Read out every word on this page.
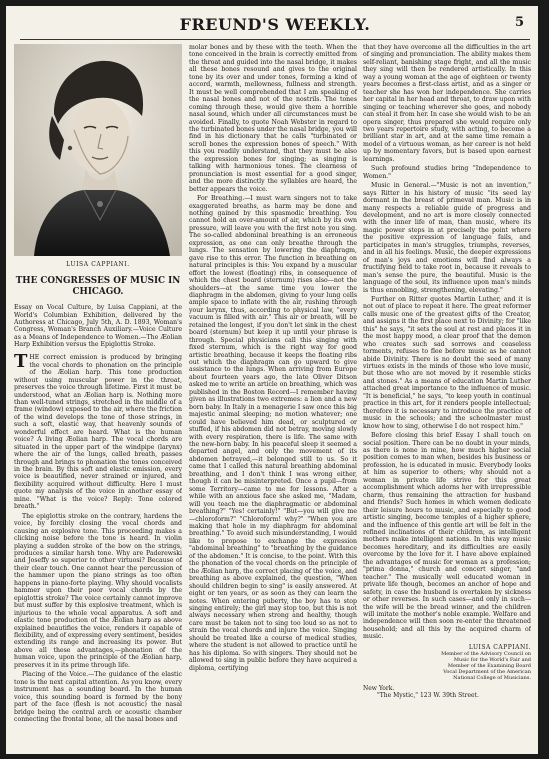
FREUND'S WEEKLY.	5
LUISA CAPPIANI.
THE CONGRESSES OF MUSIC IN CHICAGO.
Essay on Vocal Culture, by Luisa Cappiani, at the World's Columbian Exhibition, delivered by the Authoress at Chicago, July 5th, A. D. 1893, Woman's Congress, Woman's Branch Auxiliary.—Voice Culture as a Means of Independence to Women.—The Æolian Harp Exhibition versus the Epiglottis Stroke.

THE correct emission is produced by bringing the vocal chords to phonation on the principle of the Æolian harp. This tone production without using muscular power in the throat, preserves the voice through lifetime. First it must be understood, what an Æolian harp is. Nothing more than well-tuned strings, stretched in the middle of a frame (window) exposed to the air, where the friction of the wind develops the tone of those strings, in such a soft, elastic way, that heavenly sounds of wonderful effect are heard. What is the human voice? A living Æolian harp. The vocal chords are situated in the upper part of the windpipe (larynx) where the air of the lungs, called breath, passes through and brings to phonation the tones conceived in the brain. By this soft and elastic emission, every voice is beautified, never strained or injured, and flexibility acquired without difficulty. Here I must quote my analysis of the voice in another essay of mine. "What is the voice? Reply: Tone colored breath."

The epiglottis stroke on the contrary, hardens the voice, by forcibly closing the vocal chords and causing an explosive tone. This proceeding makes a clicking noise before the tone is heard. In violin playing a sudden stroke of the bow on the strings, produces a similar harsh tone. Why are Paderewski and Joseffy so superior to other virtuosi? Because of their clear touch. One cannot hear the percussion of the hammer upon the piano strings as too often happens in piano-forte playing. Why should vocalists hammer upon their poor vocal chords by the epiglottis stroke? The voice certainly cannot improve but must suffer by this explosive treatment, which is injurious to the whole vocal apparatus. A soft and elastic tone production of the Æolian harp as above explained beautifies the voice, renders it capable of flexibility, and of expressing every sentiment, besides extending its range and increasing its power. But above all these advantages,—phonation of the human voice, upon the principle of the Æolian harp, preserves it in its prime through life.

Placing of the Voice.—The guidance of the elastic tone is the next capital attention. As you know, every instrument has a sounding board. In the human voice, this sounding board is formed by the bony part of the face (flesh is not acoustic) the nasal bridge being the central arch or acoustic chamber connecting the frontal bone, all the nasal bones and

molar bones and by these with the teeth. When the tone conceived in the brain is correctly emitted from the throat and guided into the nasal bridge, it makes all these bones resound and gives to the original tone by its over and under tones, forming a kind of accord, warmth, mellowness, fullness and strength. It must be well comprehended that I am speaking of the nasal bones and not of the nostrils. The tones coming through these, would give them a horrible nasal sound, which under all circumstances must be avoided. Finally, to quote Noah Webster in regard to the turbinated bones under the nasal bridge, you will find in his dictionary that he calls "turbinated or scroll bones the expression bones of speech." With this you readily understand, that they must be also the expression bones for singing; as singing is talking with harmonious tones. The clearness of pronunciation is most essential for a good singer, and the more distinctly the syllables are heard, the better appears the voice.

For Breathing.—I must warn singers not to take exaggerated breaths, as harm may be done and nothing gained by this spasmodic breathing. You cannot hold an over-amount of air, which by its own pressure, will leave you with the first note you sing. The so-called abdominal breathing is an erroneous expression, as one can only breathe through the lungs. The sensation by lowering the diaphragm, gave rise to this error. The function in breathing on natural principles is this: You expand by a muscular effort the lowest (floating) ribs, in consequence of which the chest board (sternum) rises also—not the shoulders—at the same time you lower the diaphragm in the abdomen, giving to your lung cells ample space to inflate with the air, rushing through your larynx, thus, according to physical law, "every vacuum is filled with air." This air or breath, will be retained the longest, if you don't let sink in the chest board (sternum) but keep it up until your phrase is through. Special physicians call this singing with fixed sternum, which is the right way for good artistic breathing, because it keeps the floating ribs out which the diaphragm can go upward to give assistance to the lungs. When arriving from Europe about fourteen years ago, the late Oliver Ditson asked me to write an article on breathing, which was published in the Boston Record—I remember having given as illustrations two extremes: a lion and a new born baby. In Italy in a menagerie I saw once this big majestic animal sleeping; no motion whatever; one could have believed him dead, or sculptured or stuffed, if his abdomen did not betray, moving slowly with every respiration, there is life. The same with the new-born baby. In his peaceful sleep it seemed a departed angel, and only the movement of its abdomen betrayed,—it belonged still to us. So it came that I called this natural breathing abdominal breathing, and I don't think I was wrong either, though it can be misinterpreted. Once a pupil—from some Territory—came to me for lessons. After a while with an anxious face she asked me, "Madam, will you teach me the diaphragmatic or abdominal breathing?" "Yes! certainly!" "But—you will give me—chloroform?" "Chloroform! why?" "When you are making that hole in my diaphragm for abdominal breathing." To avoid such misunderstanding, I would like to propose to exchange the expression "abdominal breathing" to "breathing by the guidance of the abdomen." It is concise, to the point. With this the phonation of the vocal chords on the principle of the Æolian harp, the correct placing of the voice, and breathing as above explained, the question, "When should children begin to sing" is easily answered. At eight or ten years, or as soon as they can learn the notes. When entering puberty, the boy has to stop singing entirely; the girl may stop too, but this is not always necessary when strong and healthy, though care must be taken not to sing too loud so as not to strain the vocal chords and injure the voice. Singing should be treated like a course of medical studies, where the student is not allowed to practice until he has his diploma. So with singers. They should not be allowed to sing in public before they have acquired a diploma, certifying

that they have overcome all the difficulties in the art of singing and pronunciation. The ability makes them self-reliant, banishing stage fright, and all the music they sing will then be rendered artistically. In this way a young woman at the age of eighteen or twenty years becomes a first-class artist, and as a singer or teacher she has won her independence. She carries her capital in her head and throat, to draw upon with singing or teaching wherever she goes, and nobody can steal it from her. In case she would wish to be an opera singer, thus prepared she would require only two years repertoire study, with acting, to become a brilliant star in art, and at the same time remain a model of a virtuous woman, as her career is not held up by momentary favors, but is based upon earnest learnings.

Such profound studies bring "Independence to Women."

Music in General.—"Music is not an invention," says Ritter in his history of music "its seed lay dormant in the breast of primeval man. Music is in many respects a reliable guide of progress and development, and no art is more closely connected with the inner life of man, than music, where its magic power steps in at precisely the point where the positive expression of language fails, and participates in man's struggles, triumphs, reverses, and in all his feelings. Music, the deeper expressions of man's joys and emotions will find always a fructifying field to take root in, because it reveals to man's sense the pure, the beautiful. Music is the language of the soul, its influence upon man's minds is thus ennobling, strengthening, elevating."

Further on Ritter quotes Martin Luther, and it is not out of place to repeat it here. The great reformer calls music one of the greatest gifts of the Creator, and assigns it the first place next to Divinity; for "like this" he says, "it sets the soul at rest and places it in the most happy mood, a clear proof that the demon who creates such sad sorrows and ceaseless torments, refuses to flee before music as he cannot abide Divinity. There is no doubt the seed of many virtues exists in the minds of those who love music, but those who are not moved by it resemble sticks and stones." As a means of education Martin Luther attached great importance to the influence of music. "It is beneficial," he says, "to keep youth in continual practice in this art, for it renders people intellectual; therefore it is necessary to introduce the practice of music in the schools; and the schoolmaster must know how to sing, otherwise I do not respect him."

Before closing this brief Essay I shall touch on social position. There can be no doubt in your minds, as there is none in mine, how much higher social position comes to man when, besides his business or profession, he is educated in music. Everybody looks at him as superior to others; why should not a woman in private life strive for this great accomplishment which adorns her with irrepressible charm, thus remaining the attraction for husband and friends? Such homes in which women dedicate their leisure hours to music, and especially to good artistic singing, become temples of a higher sphere, and the influence of this gentle art will be felt in the refined inclinations of their children, as intelligent mothers make intelligent nations. In this way music becomes hereditary, and its difficulties are easily overcome by the love for it. I have above explained the advantages of music for woman as a profession; "prima donna," church and concert singer, "and teacher." The musically well educated woman in private life though, becomes an anchor of hope and safety, in case the husband is overtaken by sickness or other reverses. In such cases—and only in such—the wife will be the bread winner, and the children will imitate the mother's noble example. Welfare and independence will then soon re-enter the threatened household; and all this by the acquired charm of music.

LUISA CAPPIANI.
Member of the Advisory Council on
Music for the World's Fair and
Member of the Examining Board
Vocal Department of the American
National College of Musicians.
New York.
"The Mystic," 123 W. 39th Street.
